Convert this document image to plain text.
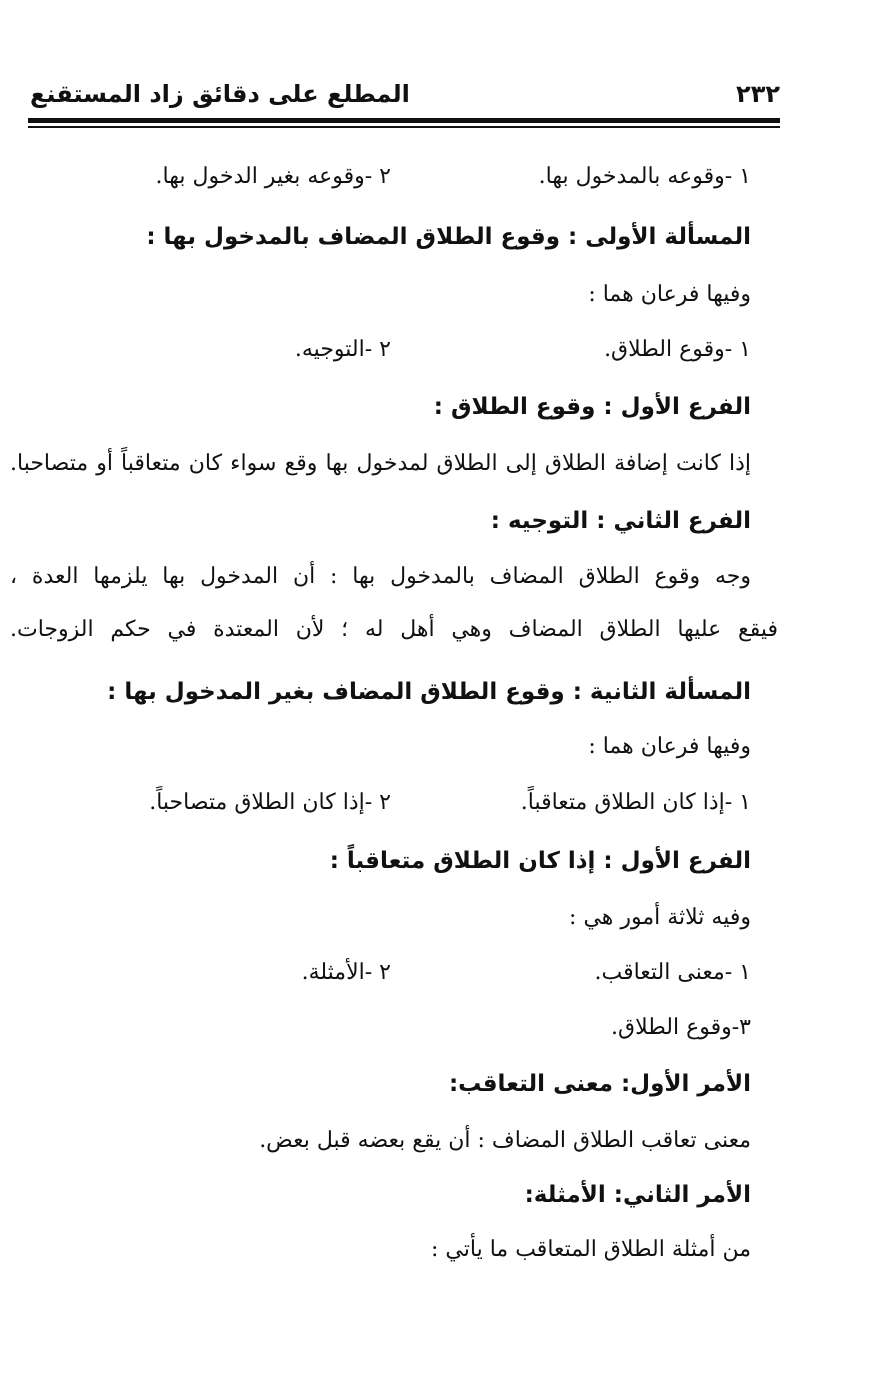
٢٣٢
المطلع على دقائق زاد المستقنع
١ -وقوعه بالمدخول بها.
٢ -وقوعه بغير الدخول بها.
المسألة الأولى : وقوع الطلاق المضاف بالمدخول بها :
وفيها فرعان هما :
١ -وقوع الطلاق.
٢ -التوجيه.
الفرع الأول : وقوع الطلاق :
إذا كانت إضافة الطلاق إلى الطلاق لمدخول بها وقع سواء كان متعاقباً أو متصاحبا.
الفرع الثاني : التوجيه :
وجه وقوع الطلاق المضاف بالمدخول بها : أن المدخول بها يلزمها العدة ،
فيقع عليها الطلاق المضاف وهي أهل له ؛ لأن المعتدة في حكم الزوجات.
المسألة الثانية : وقوع الطلاق المضاف بغير المدخول بها :
وفيها فرعان هما :
١ -إذا كان الطلاق متعاقباً.
٢ -إذا كان الطلاق متصاحباً.
الفرع الأول : إذا كان الطلاق متعاقباً :
وفيه ثلاثة أمور هي :
١ -معنى التعاقب.
٢ -الأمثلة.
٣-وقوع الطلاق.
الأمر الأول: معنى التعاقب:
معنى تعاقب الطلاق المضاف : أن يقع بعضه قبل بعض.
الأمر الثاني: الأمثلة:
من أمثلة الطلاق المتعاقب ما يأتي :
